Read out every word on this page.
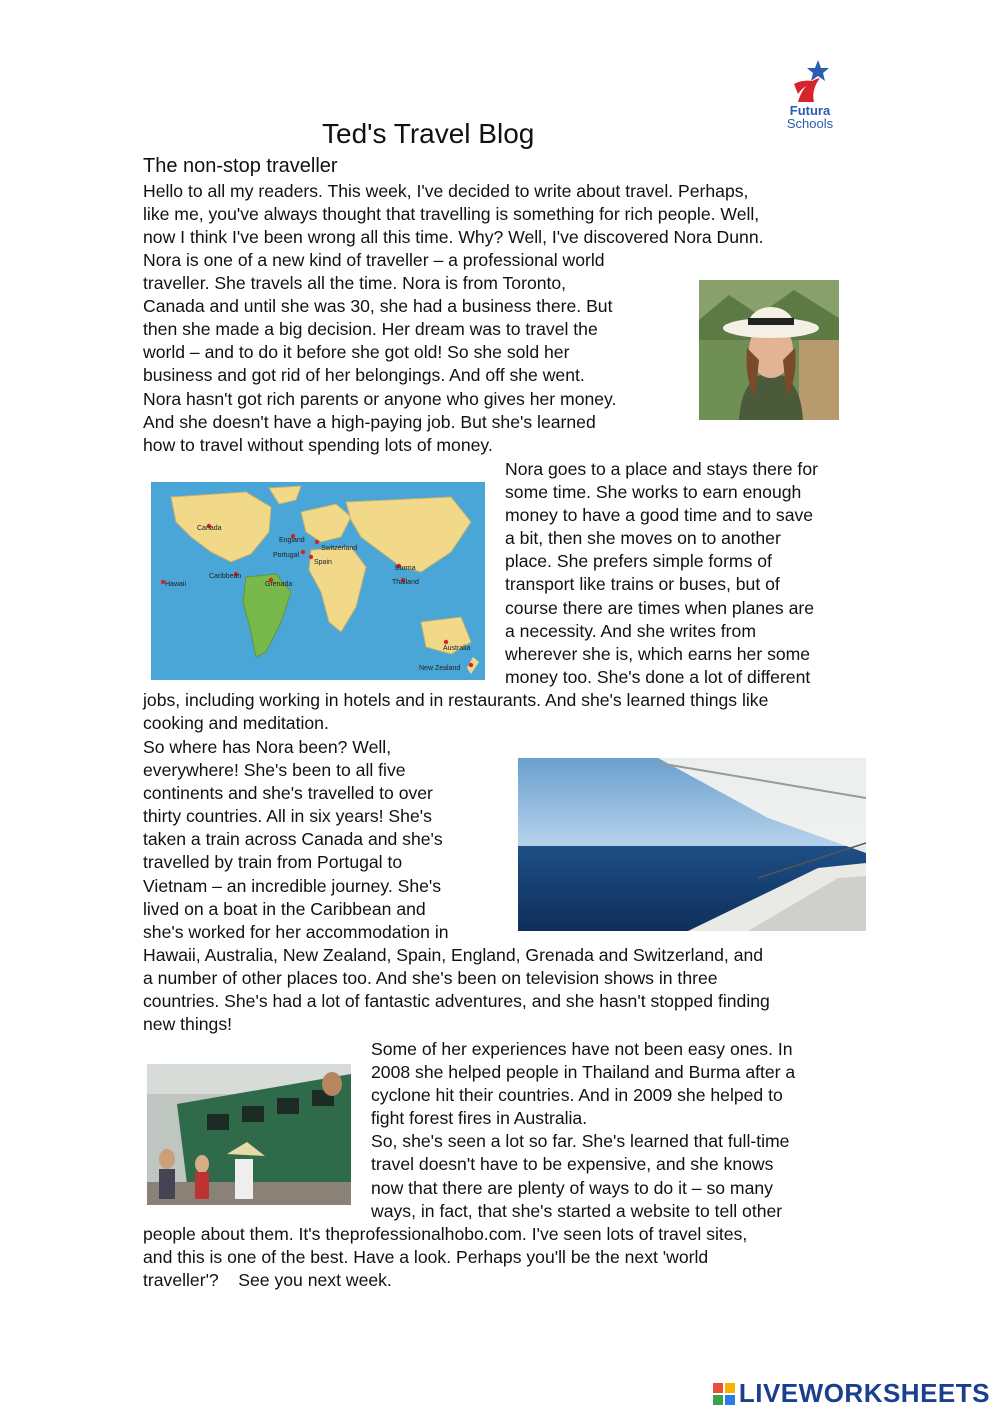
Futura
Schools
Ted's Travel Blog
The non-stop traveller
Hello to all my readers. This week, I've decided to write about travel. Perhaps,
like me, you've always thought that travelling is something for rich people. Well,
now I think I've been wrong all this time. Why? Well, I've discovered Nora Dunn.
Nora is one of a new kind of traveller – a professional world
traveller. She travels all the time. Nora is from Toronto,
Canada and until she was 30, she had a business there. But
then she made a big decision. Her dream was to travel the
world – and to do it before she got old! So she sold her
business and got rid of her belongings. And off she went.
Nora hasn't got rich parents or anyone who gives her money.
And she doesn't have a high-paying job. But she's learned
how to travel without spending lots of money.
Canada
England
Switzerland
Portugal
Spain
Burma
Thailand
Hawaii
Caribbean
Grenada
Australia
New Zealand
Nora goes to a place and stays there for
some time. She works to earn enough
money to have a good time and to save
a bit, then she moves on to another
place. She prefers simple forms of
transport like trains or buses, but of
course there are times when planes are
a necessity. And she writes from
wherever she is, which earns her some
money too. She's done a lot of different
jobs, including working in hotels and in restaurants. And she's learned things like
cooking and meditation.
So where has Nora been? Well,
everywhere! She's been to all five
continents and she's travelled to over
thirty countries. All in six years! She's
taken a train across Canada and she's
travelled by train from Portugal to
Vietnam – an incredible journey. She's
lived on a boat in the Caribbean and
she's worked for her accommodation in
Hawaii, Australia, New Zealand, Spain, England, Grenada and Switzerland, and
a number of other places too. And she's been on television shows in three
countries. She's had a lot of fantastic adventures, and she hasn't stopped finding
new things!
Some of her experiences have not been easy ones. In
2008 she helped people in Thailand and Burma after a
cyclone hit their countries. And in 2009 she helped to
fight forest fires in Australia.
So, she's seen a lot so far. She's learned that full-time
travel doesn't have to be expensive, and she knows
now that there are plenty of ways to do it – so many
ways, in fact, that she's started a website to tell other
people about them. It's theprofessionalhobo.com. I've seen lots of travel sites,
and this is one of the best. Have a look. Perhaps you'll be the next 'world
traveller'?    See you next week.
LIVEWORKSHEETS
